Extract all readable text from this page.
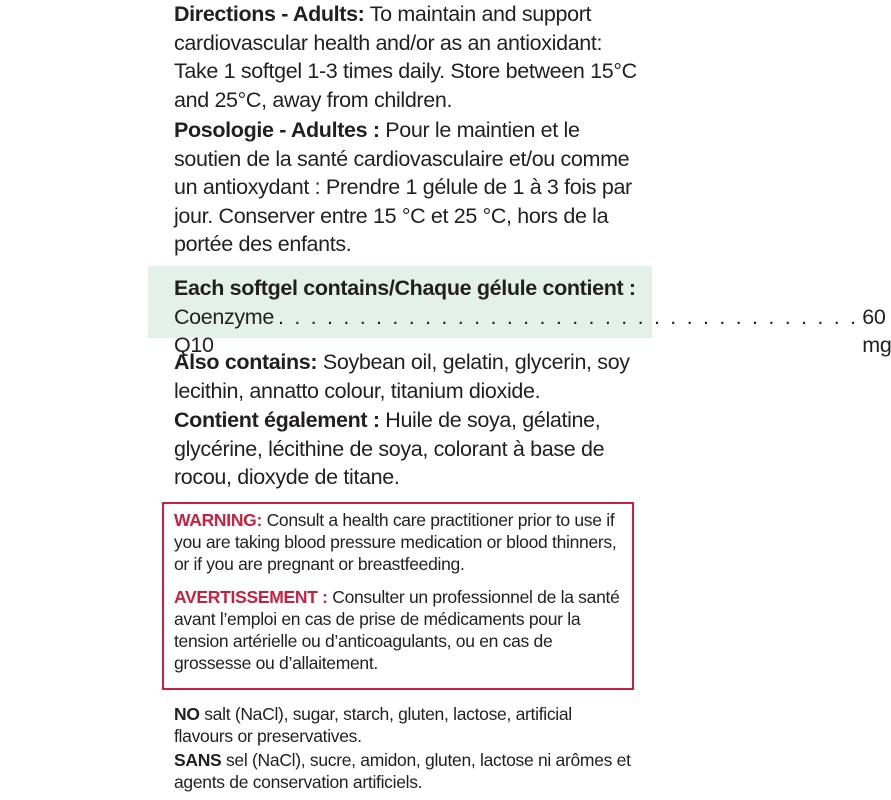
Directions - Adults: To maintain and support cardiovascular health and/or as an antioxidant: Take 1 softgel 1-3 times daily. Store between 15°C and 25°C, away from children.

Posologie - Adultes : Pour le maintien et le soutien de la santé cardiovasculaire et/ou comme un antioxydant : Prendre 1 gélule de 1 à 3 fois par jour. Conserver entre 15 °C et 25 °C, hors de la portée des enfants.

Each softgel contains/Chaque gélule contient :
Coenzyme Q10
. . . . . . . . . . . . . . . . . . . . . . . . . . . . . . . . . . . . 60 mg

Also contains: Soybean oil, gelatin, glycerin, soy lecithin, annatto colour, titanium dioxide.

Contient également : Huile de soya, gélatine, glycérine, lécithine de soya, colorant à base de rocou, dioxyde de titane.

WARNING: Consult a health care practitioner prior to use if you are taking blood pressure medication or blood thinners, or if you are pregnant or breastfeeding.

AVERTISSEMENT : Consulter un professionnel de la santé avant l’emploi en cas de prise de médicaments pour la tension artérielle ou d’anticoagulants, ou en cas de grossesse ou d’allaitement.

NO salt (NaCl), sugar, starch, gluten, lactose, artificial flavours or preservatives.

SANS sel (NaCl), sucre, amidon, gluten, lactose ni arômes et agents de conservation artificiels.
